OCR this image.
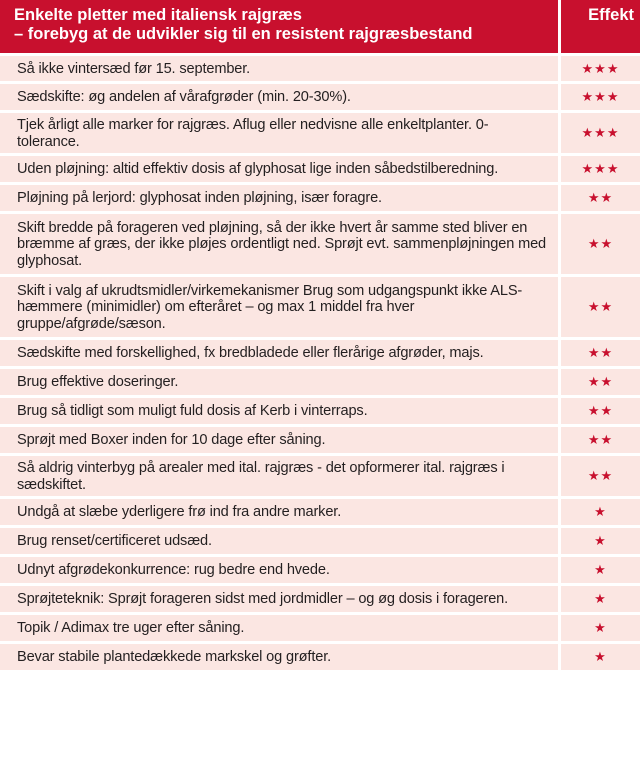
Enkelte pletter med italiensk rajgræs
– forebyg at de udvikler sig til en resistent rajgræsbestand
Effekt
Så ikke vintersæd før 15. september.	★★★
Sædskifte: øg andelen af vårafgrøder (min. 20-30%).	★★★
Tjek årligt alle marker for rajgræs. Aflug eller nedvisne alle enkeltplanter. 0-tolerance.
★★★
Uden pløjning: altid effektiv dosis af glyphosat lige inden såbedstilberedning.	★★★
Pløjning på lerjord: glyphosat inden pløjning, især foragre.	★★
Skift bredde på forageren ved pløjning, så der ikke hvert år samme sted bliver en bræmme af græs, der ikke pløjes ordentligt ned. Sprøjt evt. sammenpløjningen med glyphosat.
★★
Skift i valg af ukrudtsmidler/virkemekanismer Brug som udgangspunkt ikke ALS-hæmmere (minimidler) om efteråret – og max 1 middel fra hver gruppe/afgrøde/sæson.
★★
Sædskifte med forskellighed, fx bredbladede eller flerårige afgrøder, majs.	★★
Brug effektive doseringer.	★★
Brug så tidligt som muligt fuld dosis af Kerb i vinterraps.	★★
Sprøjt med Boxer inden for 10 dage efter såning.	★★
Så aldrig vinterbyg på arealer med ital. rajgræs - det opformerer ital. rajgræs i sædskiftet.
★★
Undgå at slæbe yderligere frø ind fra andre marker.	★
Brug renset/certificeret udsæd.	★
Udnyt afgrødekonkurrence: rug bedre end hvede.	★
Sprøjteteknik: Sprøjt forageren sidst med jordmidler – og øg dosis i forageren.	★
Topik / Adimax tre uger efter såning.	★
Bevar stabile plantedækkede markskel og grøfter.	★
